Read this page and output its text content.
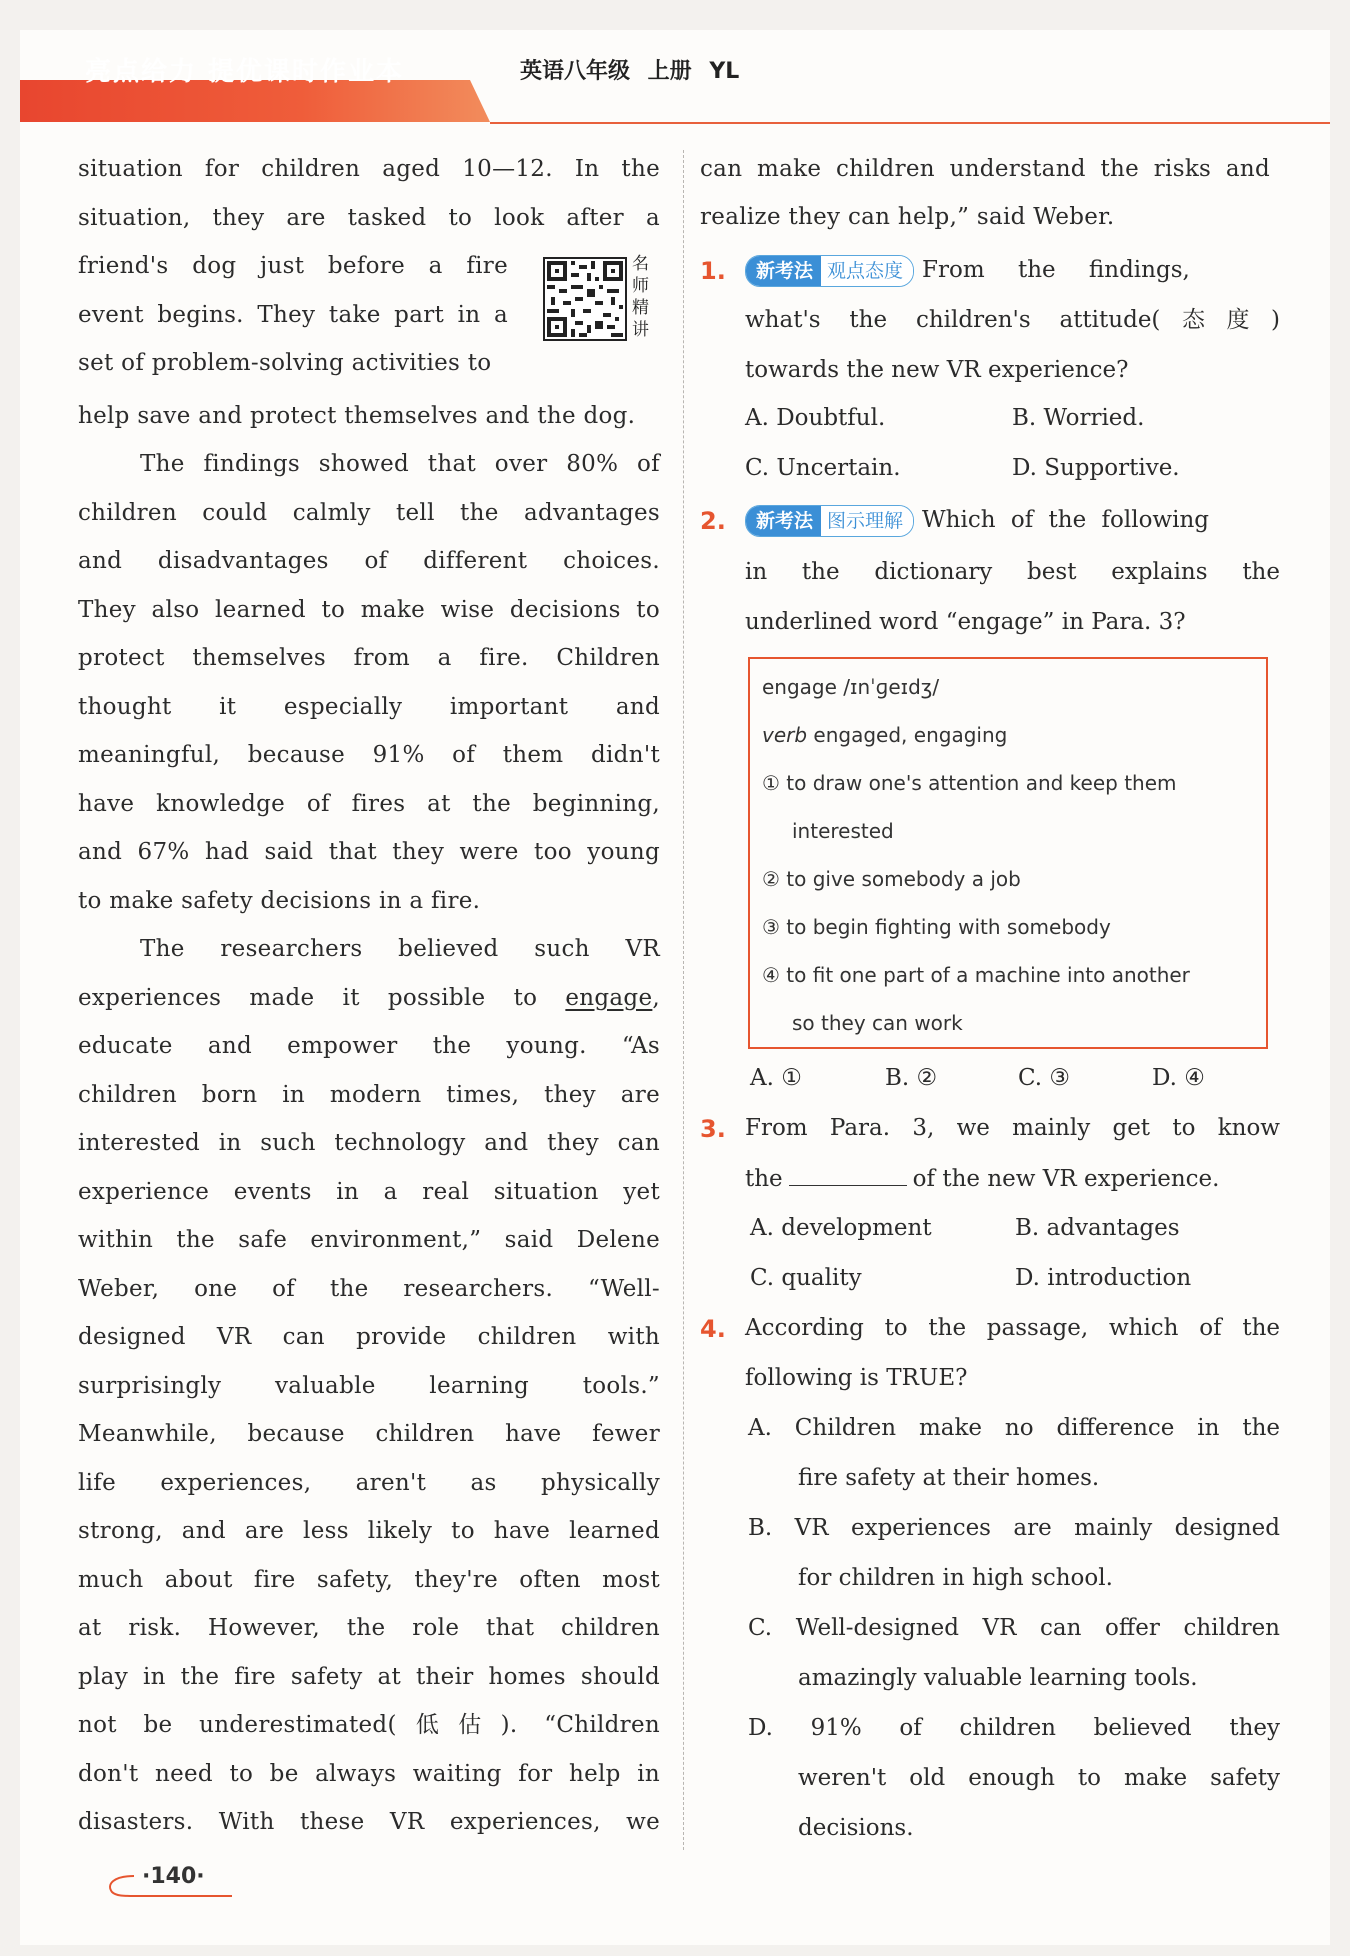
亮点给力 提优课时作业本	英语八年级 上册 YL
situation for children aged 10—12. In the
situation, they are tasked to look after a
friend's dog just before a fire
event begins. They take part in a
set of problem-solving activities to
help save and protect themselves and the dog.
The findings showed that over 80% of
children could calmly tell the advantages
and disadvantages of different choices.
They also learned to make wise decisions to
protect themselves from a fire. Children
thought it especially important and
meaningful, because 91% of them didn't
have knowledge of fires at the beginning,
and 67% had said that they were too young
to make safety decisions in a fire.
The researchers believed such VR
experiences made it possible to engage,
educate and empower the young. “As
children born in modern times, they are
interested in such technology and they can
experience events in a real situation yet
within the safe environment,” said Delene
Weber, one of the researchers. “Well-
designed VR can provide children with
surprisingly valuable learning tools.”
Meanwhile, because children have fewer
life experiences, aren't as physically
strong, and are less likely to have learned
much about fire safety, they're often most
at risk. However, the role that children
play in the fire safety at their homes should
not be underestimated(低估). “Children
don't need to be always waiting for help in
disasters. With these VR experiences, we
名
师
精
讲
can make children understand the risks and
realize they can help,” said Weber.
1.	新考法 观点态度 From the findings,
what's the children's attitude(态度)
towards the new VR experience?
A. Doubtful.	B. Worried.
C. Uncertain.	D. Supportive.
2.	新考法 图示理解 Which of the following
in the dictionary best explains the
underlined word “engage” in Para. 3?
engage /ɪnˈɡeɪdʒ/
verb engaged, engaging
① to draw one's attention and keep them
interested
② to give somebody a job
③ to begin fighting with somebody
④ to fit one part of a machine into another
so they can work
A. ①	B. ②	C. ③	D. ④
3. From Para. 3, we mainly get to know
the	of the new VR experience.
A. development	B. advantages
C. quality	D. introduction
4. According to the passage, which of the
following is TRUE?
A. Children make no difference in the
fire safety at their homes.
B. VR experiences are mainly designed
for children in high school.
C. Well-designed VR can offer children
amazingly valuable learning tools.
D. 91% of children believed they
weren't old enough to make safety
decisions.
·140·
